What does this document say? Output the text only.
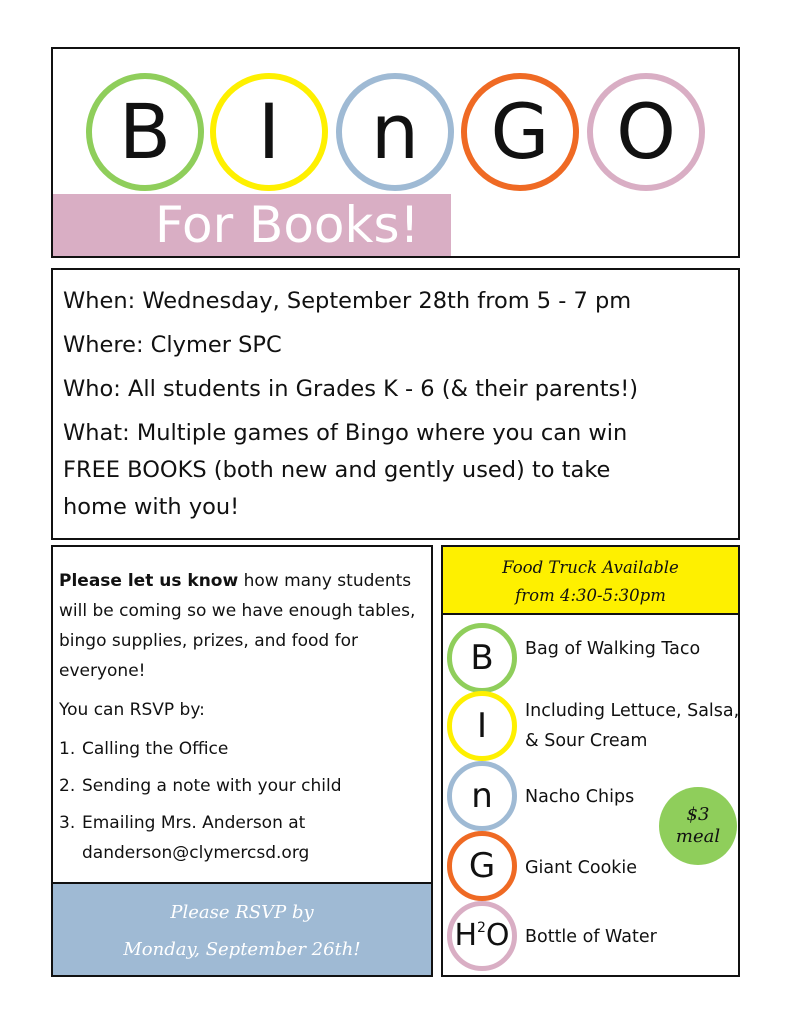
B	I	n G O
For Books!
When: Wednesday, September 28th from 5 - 7 pm
Where: Clymer SPC
Who: All students in Grades K - 6 (& their parents!)
What: Multiple games of Bingo where you can win
FREE BOOKS (both new and gently used) to take
home with you!

Please let us know how many students will be coming so we have enough tables, bingo supplies, prizes, and food for everyone!

You can RSVP by:

1. Calling the Office
2. Sending a note with your child
3. Emailing Mrs. Anderson at
danderson@clymercsd.org
Please RSVP by
Monday, September 26th!
Food Truck Available
from 4:30-5:30pm
B	Bag of Walking Taco
I	Including Lettuce, Salsa, & Sour Cream
n	Nacho Chips
G	Giant Cookie
$H^2$ O Bottle of Water
$3
meal
